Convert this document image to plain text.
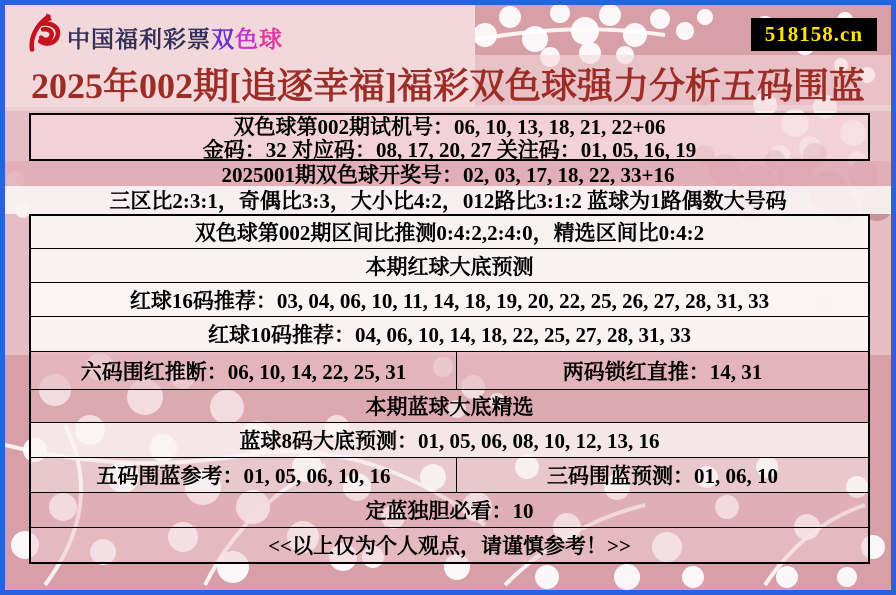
中国福利彩票双色球	518158.cn
2025年002期[追逐幸福]福彩双色球强力分析五码围蓝
双色球第002期试机号：06, 10, 13, 18, 21, 22+06
金码：32 对应码：08, 17, 20, 27 关注码：01, 05, 16, 19
2025001期双色球开奖号：02, 03, 17, 18, 22, 33+16
三区比2:3:1，奇偶比3:3，大小比4:2，012路比3:1:2 蓝球为1路偶数大号码
双色球第002期区间比推测0:4:2,2:4:0，精选区间比0:4:2
本期红球大底预测
红球16码推荐：03, 04, 06, 10, 11, 14, 18, 19, 20, 22, 25, 26, 27, 28, 31, 33
红球10码推荐：04, 06, 10, 14, 18, 22, 25, 27, 28, 31, 33
六码围红推断：06, 10, 14, 22, 25, 31	两码锁红直推：14, 31
本期蓝球大底精选
蓝球8码大底预测：01, 05, 06, 08, 10, 12, 13, 16
五码围蓝参考：01, 05, 06, 10, 16	三码围蓝预测：01, 06, 10
定蓝独胆必看：10
<<以上仅为个人观点，请谨慎参考！>>
